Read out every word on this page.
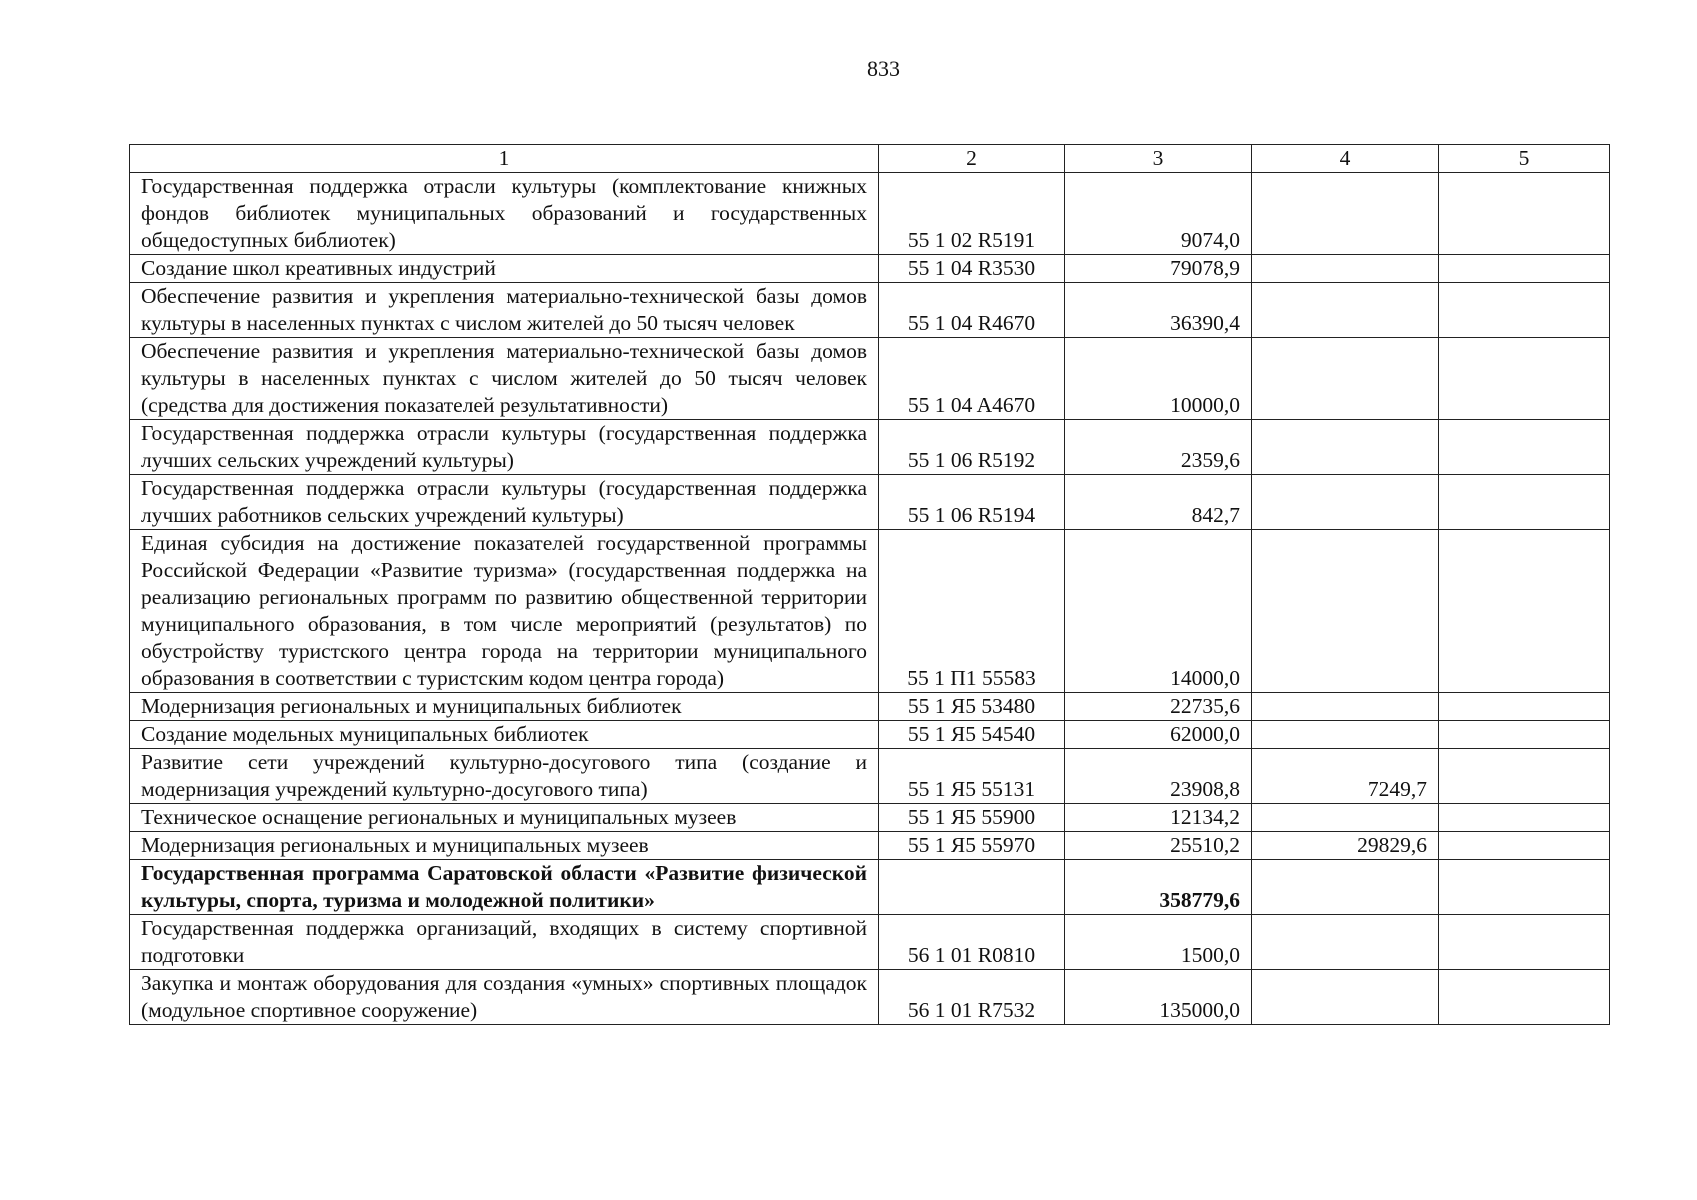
833
1	2	3	4	5
Государственная поддержка отрасли культуры (комплектование книжных фондов библиотек муниципальных образований и государственных общедоступных библиотек)	55 1 02 R5191	9074,0		
Создание школ креативных индустрий	55 1 04 R3530	79078,9		
Обеспечение развития и укрепления материально-технической базы домов культуры в населенных пунктах с числом жителей до 50 тысяч человек	55 1 04 R4670	36390,4		
Обеспечение развития и укрепления материально-технической базы домов культуры в населенных пунктах с числом жителей до 50 тысяч человек (средства для достижения показателей результативности)	55 1 04 A4670	10000,0		
Государственная поддержка отрасли культуры (государственная поддержка лучших сельских учреждений культуры)	55 1 06 R5192	2359,6		
Государственная поддержка отрасли культуры (государственная поддержка лучших работников сельских учреждений культуры)	55 1 06 R5194	842,7		
Единая субсидия на достижение показателей государственной программы Российской Федерации «Развитие туризма» (государственная поддержка на реализацию региональных программ по развитию общественной территории муниципального образования, в том числе мероприятий (результатов) по обустройству туристского центра города на территории муниципального образования в соответствии с туристским кодом центра города)	55 1 П1 55583	14000,0		
Модернизация региональных и муниципальных библиотек	55 1 Я5 53480	22735,6		
Создание модельных муниципальных библиотек	55 1 Я5 54540	62000,0		
Развитие сети учреждений культурно-досугового типа (создание и модернизация учреждений культурно-досугового типа)	55 1 Я5 55131	23908,8	7249,7	
Техническое оснащение региональных и муниципальных музеев	55 1 Я5 55900	12134,2		
Модернизация региональных и муниципальных музеев	55 1 Я5 55970	25510,2	29829,6	
Государственная программа Саратовской области «Развитие физической культуры, спорта, туризма и молодежной политики»		358779,6		
Государственная поддержка организаций, входящих в систему спортивной подготовки	56 1 01 R0810	1500,0		
Закупка и монтаж оборудования для создания «умных» спортивных площадок (модульное спортивное сооружение)	56 1 01 R7532	135000,0		
